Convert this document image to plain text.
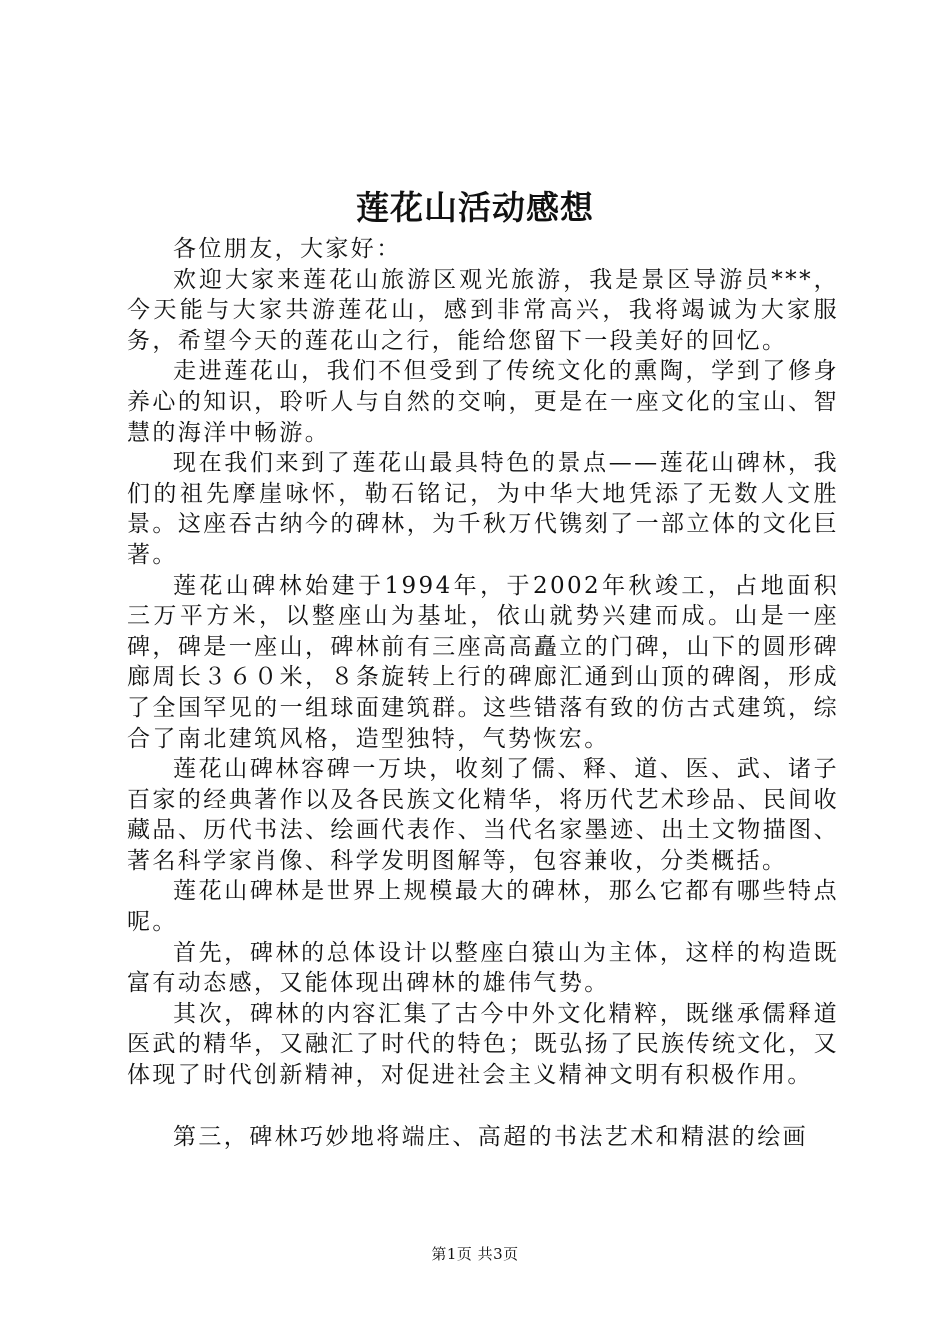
莲花山活动感想

各位朋友，大家好：

欢迎大家来莲花山旅游区观光旅游，我是景区导游员***，今天能与大家共游莲花山，感到非常高兴，我将竭诚为大家服务，希望今天的莲花山之行，能给您留下一段美好的回忆。

走进莲花山，我们不但受到了传统文化的熏陶，学到了修身养心的知识，聆听人与自然的交响，更是在一座文化的宝山、智慧的海洋中畅游。

现在我们来到了莲花山最具特色的景点——莲花山碑林，我们的祖先摩崖咏怀，勒石铭记，为中华大地凭添了无数人文胜景。这座吞古纳今的碑林，为千秋万代镌刻了一部立体的文化巨著。

莲花山碑林始建于1994年，于2002年秋竣工，占地面积三万平方米，以整座山为基址，依山就势兴建而成。山是一座碑，碑是一座山，碑林前有三座高高矗立的门碑，山下的圆形碑廊周长３６０米，８条旋转上行的碑廊汇通到山顶的碑阁，形成了全国罕见的一组球面建筑群。这些错落有致的仿古式建筑，综合了南北建筑风格，造型独特，气势恢宏。

莲花山碑林容碑一万块，收刻了儒、释、道、医、武、诸子百家的经典著作以及各民族文化精华，将历代艺术珍品、民间收藏品、历代书法、绘画代表作、当代名家墨迹、出土文物描图、著名科学家肖像、科学发明图解等，包容兼收，分类概括。

莲花山碑林是世界上规模最大的碑林，那么它都有哪些特点呢。

首先，碑林的总体设计以整座白猿山为主体，这样的构造既富有动态感，又能体现出碑林的雄伟气势。

其次，碑林的内容汇集了古今中外文化精粹，既继承儒释道医武的精华，又融汇了时代的特色；既弘扬了民族传统文化，又体现了时代创新精神，对促进社会主义精神文明有积极作用。

第三，碑林巧妙地将端庄、高超的书法艺术和精湛的绘画

第1页 共3页
